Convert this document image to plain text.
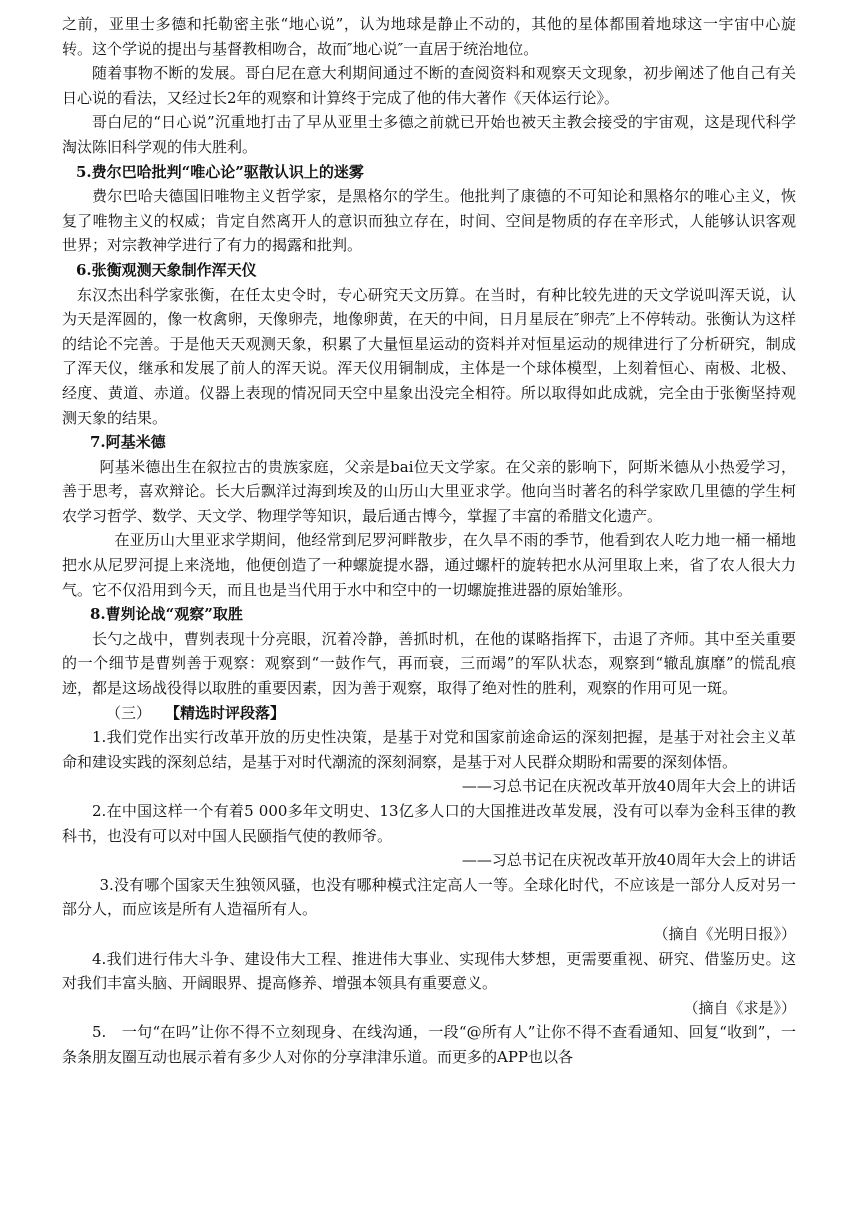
之前，亚里士多德和托勒密主张“地心说”，认为地球是静止不动的，其他的星体都围着地球这一宇宙中心旋转。这个学说的提出与基督教相吻合，故而″地心说″一直居于统治地位。

随着事物不断的发展。哥白尼在意大利期间通过不断的查阅资料和观察天文现象，初步阐述了他自己有关日心说的看法，又经过长2年的观察和计算终于完成了他的伟大著作《天体运行论》。

哥白尼的“日心说”沉重地打击了早从亚里士多德之前就已开始也被天主教会接受的宇宙观，这是现代科学淘汰陈旧科学观的伟大胜利。

5.费尔巴哈批判“唯心论”驱散认识上的迷雾

费尔巴哈夫德国旧唯物主义哲学家，是黑格尔的学生。他批判了康德的不可知论和黑格尔的唯心主义，恢复了唯物主义的权威；肯定自然离开人的意识而独立存在，时间、空间是物质的存在辛形式，人能够认识客观世界；对宗教神学进行了有力的揭露和批判。

6.张衡观测天象制作浑天仪

东汉杰出科学家张衡，在任太史令时，专心研究天文历算。在当时，有种比较先进的天文学说叫浑天说，认为天是浑圆的，像一枚禽卵，天像卵壳，地像卵黄，在天的中间，日月星辰在″卵壳″上不停转动。张衡认为这样的结论不完善。于是他天天观测天象，积累了大量恒星运动的资料并对恒星运动的规律进行了分析研究，制成了浑天仪，继承和发展了前人的浑天说。浑天仪用铜制成，主体是一个球体模型，上刻着恒心、南极、北极、经度、黄道、赤道。仪器上表现的情况同天空中星象出没完全相符。所以取得如此成就，完全由于张衡坚持观测天象的结果。

7.阿基米德

阿基米德出生在叙拉古的贵族家庭，父亲是bai位天文学家。在父亲的影响下，阿斯米德从小热爱学习，善于思考，喜欢辩论。长大后飘洋过海到埃及的山历山大里亚求学。他向当时著名的科学家欧几里德的学生柯农学习哲学、数学、天文学、物理学等知识，最后通古博今，掌握了丰富的希腊文化遗产。

在亚历山大里亚求学期间，他经常到尼罗河畔散步，在久旱不雨的季节，他看到农人吃力地一桶一桶地把水从尼罗河提上来浇地，他便创造了一种螺旋提水器，通过螺杆的旋转把水从河里取上来，省了农人很大力气。它不仅沿用到今天，而且也是当代用于水中和空中的一切螺旋推进器的原始雏形。

8.曹刿论战“观察”取胜

长勺之战中，曹刿表现十分亮眼，沉着冷静，善抓时机，在他的谋略指挥下，击退了齐师。其中至关重要的一个细节是曹刿善于观察：观察到“一鼓作气，再而衰，三而竭”的军队状态，观察到“辙乱旗靡”的慌乱痕迹，都是这场战役得以取胜的重要因素，因为善于观察，取得了绝对性的胜利，观察的作用可见一斑。

（三） 【精选时评段落】

1.我们党作出实行改革开放的历史性决策，是基于对党和国家前途命运的深刻把握，是基于对社会主义革命和建设实践的深刻总结，是基于对时代潮流的深刻洞察，是基于对人民群众期盼和需要的深刻体悟。

——习总书记在庆祝改革开放40周年大会上的讲话

2.在中国这样一个有着5 000多年文明史、13亿多人口的大国推进改革发展，没有可以奉为金科玉律的教科书，也没有可以对中国人民颐指气使的教师爷。

——习总书记在庆祝改革开放40周年大会上的讲话

3.没有哪个国家天生独领风骚，也没有哪种模式注定高人一等。全球化时代，不应该是一部分人反对另一部分人，而应该是所有人造福所有人。

（摘自《光明日报》）

4.我们进行伟大斗争、建设伟大工程、推进伟大事业、实现伟大梦想，更需要重视、研究、借鉴历史。这对我们丰富头脑、开阔眼界、提高修养、增强本领具有重要意义。

（摘自《求是》）

5.　一句“在吗”让你不得不立刻现身、在线沟通，一段“@所有人”让你不得不查看通知、回复“收到”，一条条朋友圈互动也展示着有多少人对你的分享津津乐道。而更多的APP也以各
